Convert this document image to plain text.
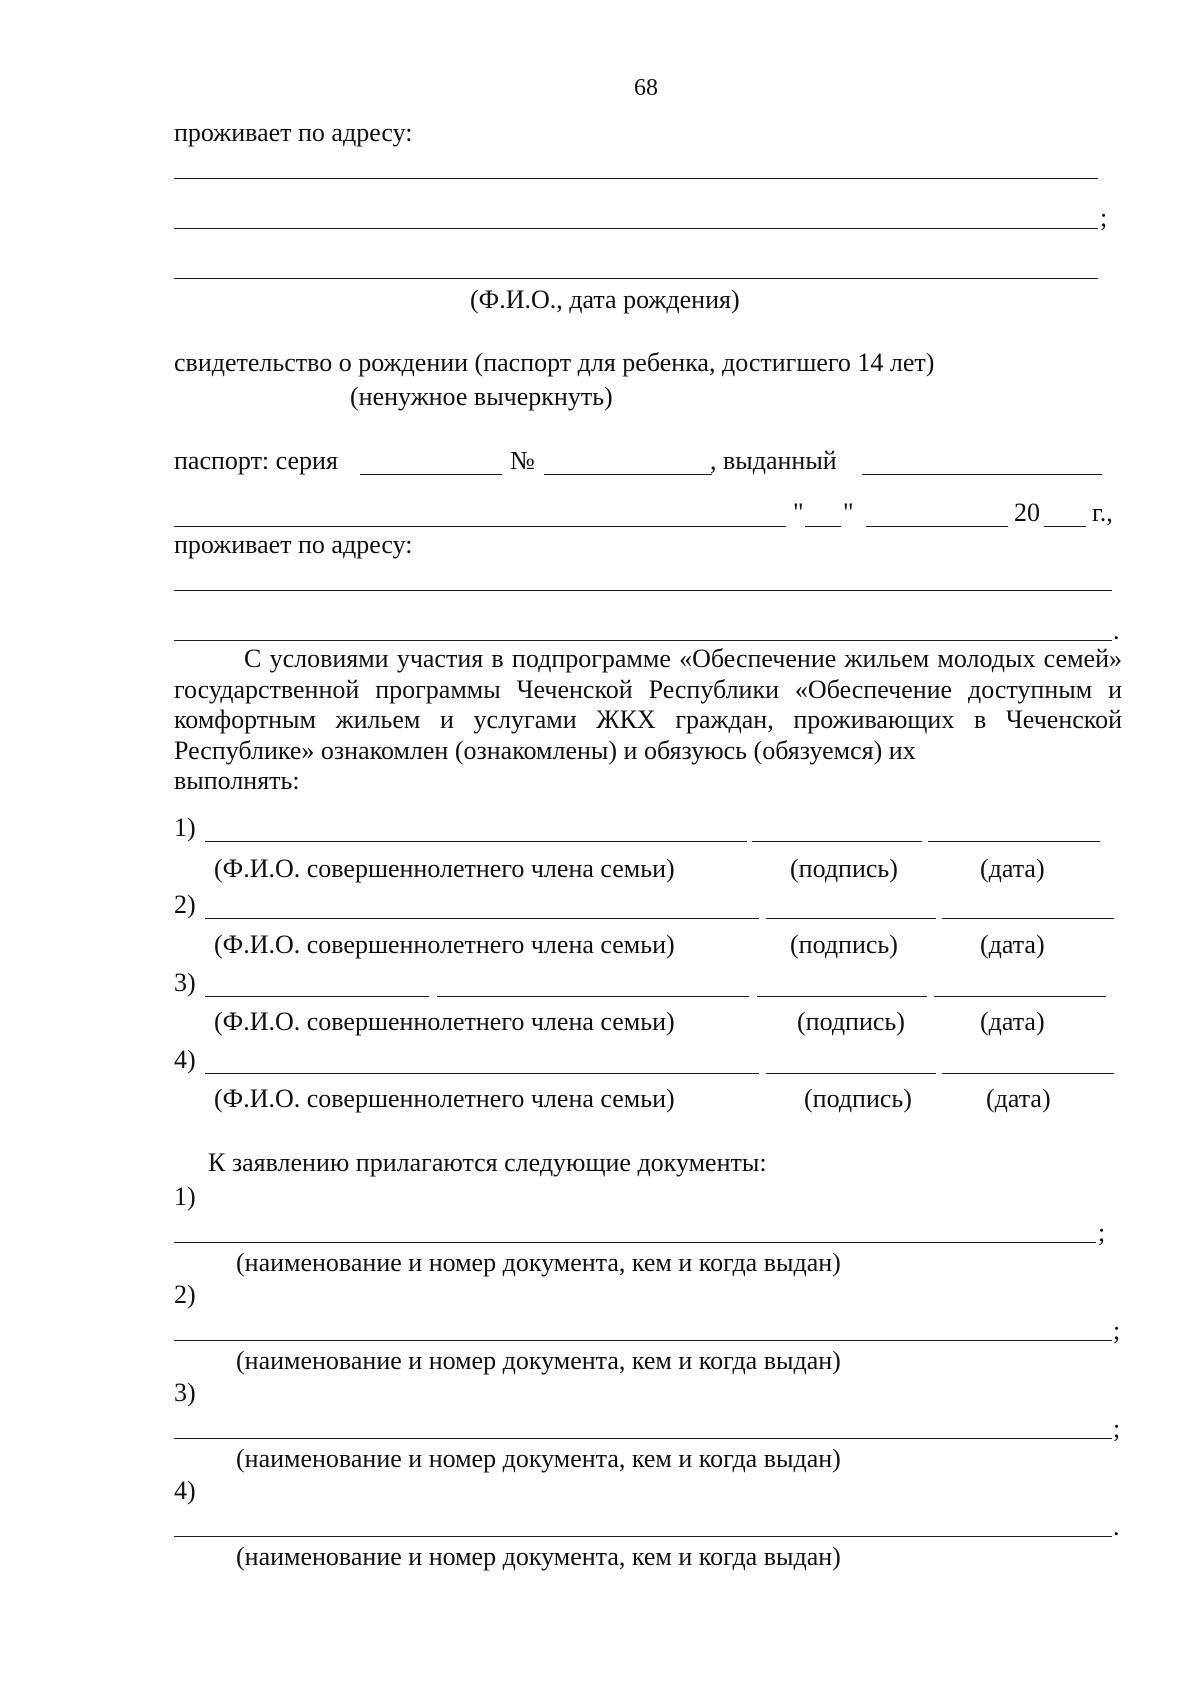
68
проживает по адресу:
;
(Ф.И.О., дата рождения)
свидетельство о рождении (паспорт для ребенка, достигшего 14 лет)
(ненужное вычеркнуть)
паспорт: серия	№	, выданный
" "	20 г.,
проживает по адресу:
.
С условиями участия в подпрограмме «Обеспечение жильем молодых семей» государственной программы Чеченской Республики «Обеспечение доступным и комфортным жильем и услугами ЖКХ граждан, проживающих в Чеченской Республике» ознакомлен (ознакомлены) и обязуюсь (обязуемся) их
выполнять:
1)
(Ф.И.О. совершеннолетнего члена семьи)	(подпись)	(дата)
2)
(Ф.И.О. совершеннолетнего члена семьи)	(подпись)	(дата)
3)
(Ф.И.О. совершеннолетнего члена семьи)	(подпись)	(дата)
4)
(Ф.И.О. совершеннолетнего члена семьи)	(подпись)	(дата)
К заявлению прилагаются следующие документы:
1)
;
(наименование и номер документа, кем и когда выдан)
2)
;
(наименование и номер документа, кем и когда выдан)
3)
;
(наименование и номер документа, кем и когда выдан)
4)
.
(наименование и номер документа, кем и когда выдан)
